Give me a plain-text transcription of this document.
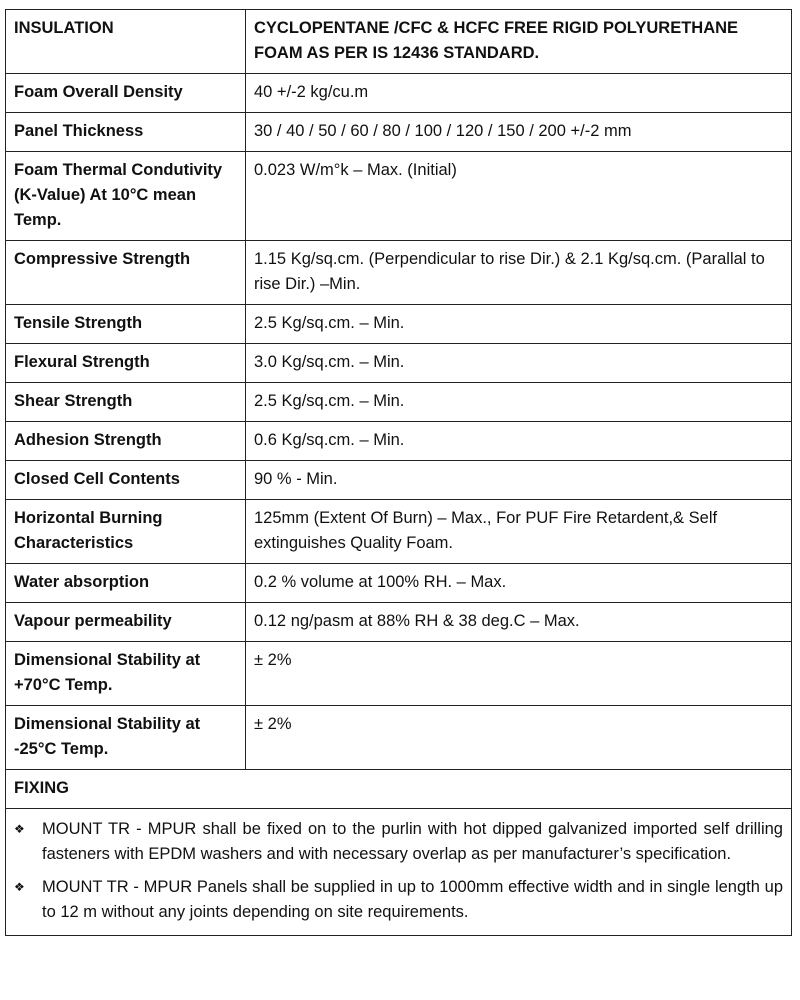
INSULATION	CYCLOPENTANE /CFC & HCFC FREE RIGID POLYURETHANE FOAM AS PER IS 12436 STANDARD.
Foam Overall Density	40 +/-2 kg/cu.m
Panel Thickness	30 / 40 / 50 / 60 / 80 / 100 / 120 / 150 / 200 +/-2 mm
Foam Thermal Condutivity (K-Value) At 10°C mean Temp.	0.023 W/m°k – Max. (Initial)
Compressive Strength	1.15 Kg/sq.cm. (Perpendicular to rise Dir.) & 2.1 Kg/sq.cm. (Parallal to rise Dir.) –Min.
Tensile Strength	2.5 Kg/sq.cm. – Min.
Flexural Strength	3.0 Kg/sq.cm. – Min.
Shear Strength	2.5 Kg/sq.cm. – Min.
Adhesion Strength	0.6 Kg/sq.cm. – Min.
Closed Cell Contents	90 % - Min.
Horizontal Burning Characteristics	125mm (Extent Of Burn) – Max., For PUF Fire Retardent,& Self extinguishes Quality Foam.
Water absorption	0.2 % volume at 100% RH. – Max.
Vapour permeability	0.12 ng/pasm at 88% RH & 38 deg.C – Max.
Dimensional Stability at +70°C Temp.	± 2%
Dimensional Stability at -25°C Temp.	± 2%
FIXING	

❖ MOUNT TR - MPUR shall be fixed on to the purlin with hot dipped galvanized imported self drilling fasteners with EPDM washers and with necessary overlap as per manufacturer’s specification.
❖ MOUNT TR - MPUR Panels shall be supplied in up to 1000mm effective width and in single length up to 12 m without any joints depending on site requirements.	
